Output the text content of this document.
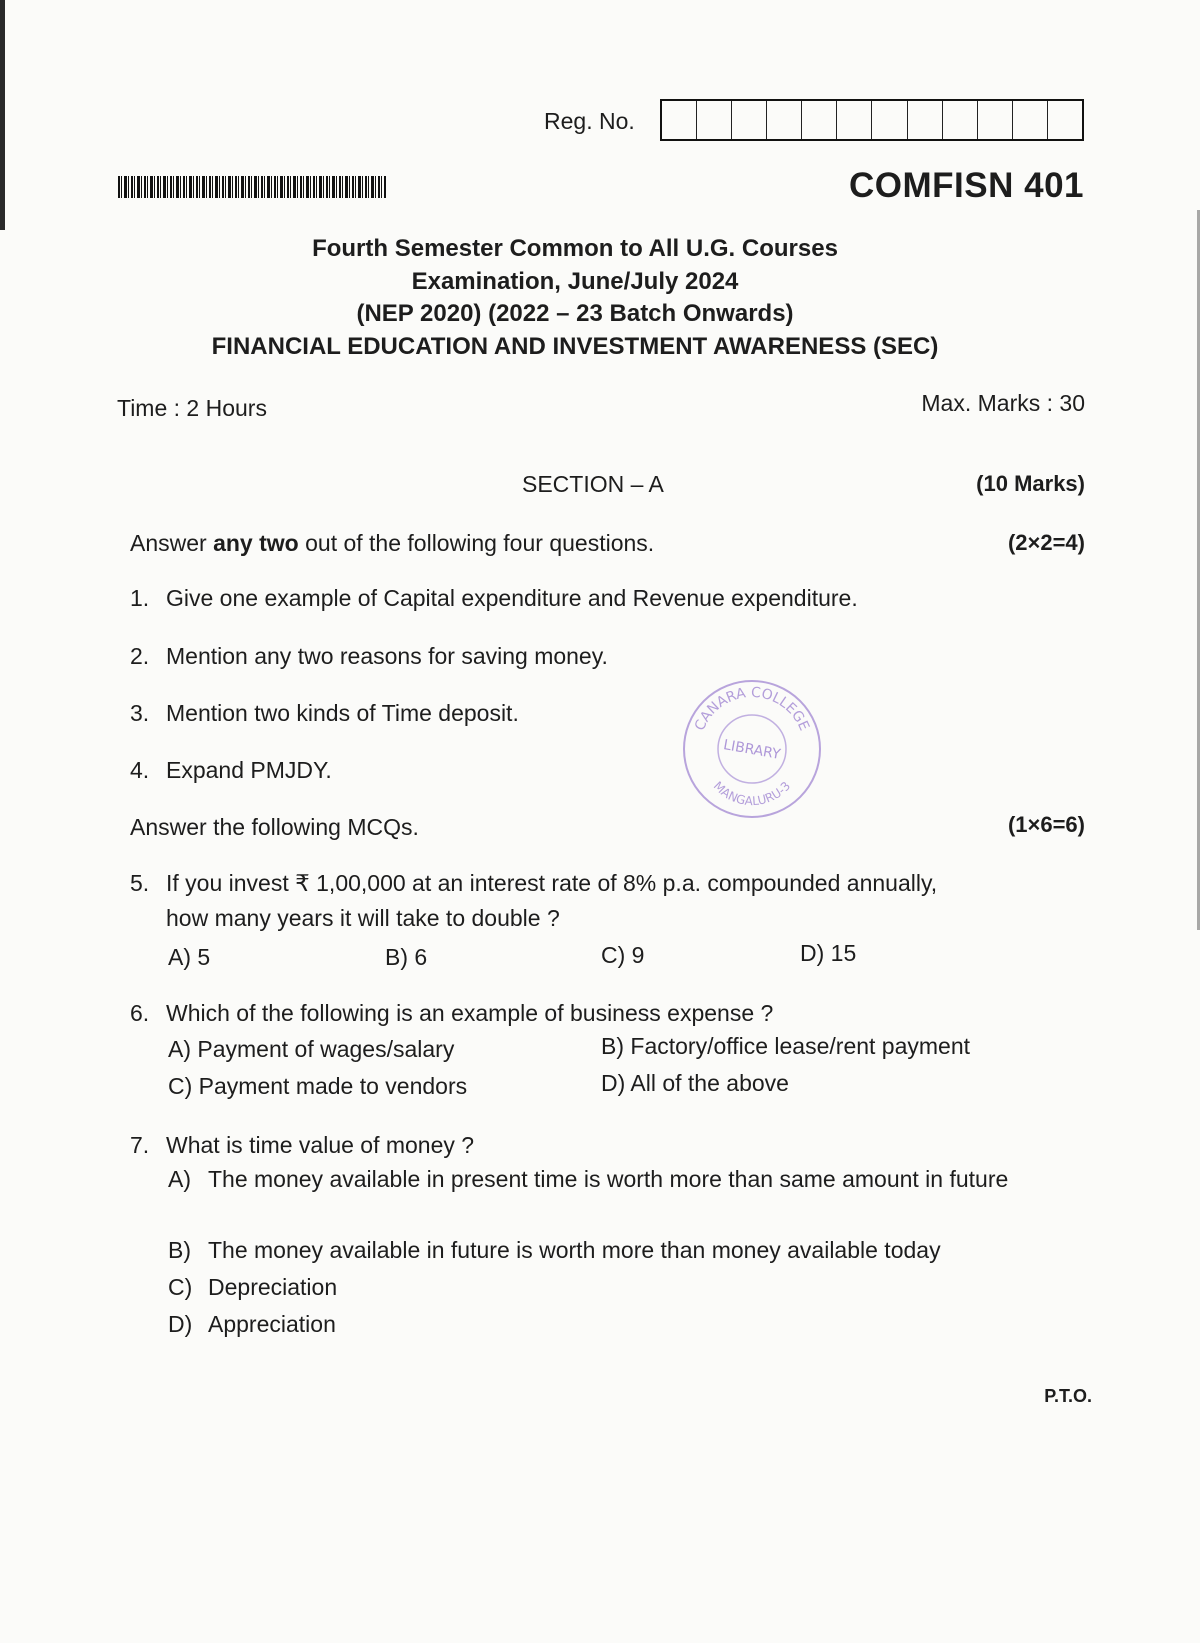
Reg. No.
COMFISN 401
Fourth Semester Common to All U.G. Courses
Examination, June/July 2024
(NEP 2020) (2022 – 23 Batch Onwards)
FINANCIAL EDUCATION AND INVESTMENT AWARENESS (SEC)
Time : 2 Hours	Max. Marks : 30
SECTION – A	(10 Marks)
Answer any two out of the following four questions.	(2×2=4)
1. Give one example of Capital expenditure and Revenue expenditure.
2. Mention any two reasons for saving money.
3. Mention two kinds of Time deposit.
4. Expand PMJDY.
Answer the following MCQs.	(1×6=6)
5. If you invest ₹ 1,00,000 at an interest rate of 8% p.a. compounded annually,
how many years it will take to double ?
A) 5	B) 6	C) 9	D) 15
6. Which of the following is an example of business expense ?
A) Payment of wages/salary	B) Factory/office lease/rent payment
C) Payment made to vendors	D) All of the above
7. What is time value of money ?
A) The money available in present time is worth more than same amount in future
B) The money available in future is worth more than money available today
C) Depreciation
D) Appreciation
CANARA COLLEGE
LIBRARY
MANGALURU-3
P.T.O.
